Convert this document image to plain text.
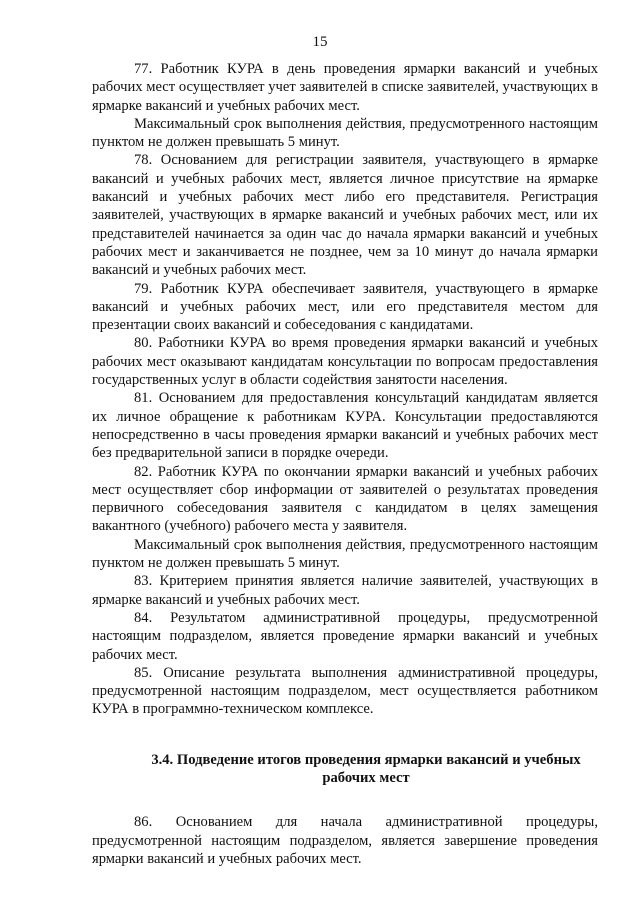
15

77. Работник КУРА в день проведения ярмарки вакансий и учебных рабочих мест осуществляет учет заявителей в списке заявителей, участвующих в ярмарке вакансий и учебных рабочих мест.

Максимальный срок выполнения действия, предусмотренного настоящим пунктом не должен превышать 5 минут.

78. Основанием для регистрации заявителя, участвующего в ярмарке вакансий и учебных рабочих мест, является личное присутствие на ярмарке вакансий и учебных рабочих мест либо его представителя. Регистрация заявителей, участвующих в ярмарке вакансий и учебных рабочих мест, или их представителей начинается за один час до начала ярмарки вакансий и учебных рабочих мест и заканчивается не позднее, чем за 10 минут до начала ярмарки вакансий и учебных рабочих мест.

79. Работник КУРА обеспечивает заявителя, участвующего в ярмарке вакансий и учебных рабочих мест, или его представителя местом для презентации своих вакансий и собеседования с кандидатами.

80. Работники КУРА во время проведения ярмарки вакансий и учебных рабочих мест оказывают кандидатам консультации по вопросам предоставления государственных услуг в области содействия занятости населения.

81. Основанием для предоставления консультаций кандидатам является их личное обращение к работникам КУРА. Консультации предоставляются непосредственно в часы проведения ярмарки вакансий и учебных рабочих мест без предварительной записи в порядке очереди.

82. Работник КУРА по окончании ярмарки вакансий и учебных рабочих мест осуществляет сбор информации от заявителей о результатах проведения первичного собеседования заявителя с кандидатом в целях замещения вакантного (учебного) рабочего места у заявителя.

Максимальный срок выполнения действия, предусмотренного настоящим пунктом не должен превышать 5 минут.

83. Критерием принятия является наличие заявителей, участвующих в ярмарке вакансий и учебных рабочих мест.

84. Результатом административной процедуры, предусмотренной настоящим подразделом, является проведение ярмарки вакансий и учебных рабочих мест.

85. Описание результата выполнения административной процедуры, предусмотренной настоящим подразделом, мест осуществляется работником КУРА в программно-техническом комплексе.

3.4. Подведение итогов проведения ярмарки вакансий и учебных рабочих мест

86. Основанием для начала административной процедуры, предусмотренной настоящим подразделом, является завершение проведения ярмарки вакансий и учебных рабочих мест.
